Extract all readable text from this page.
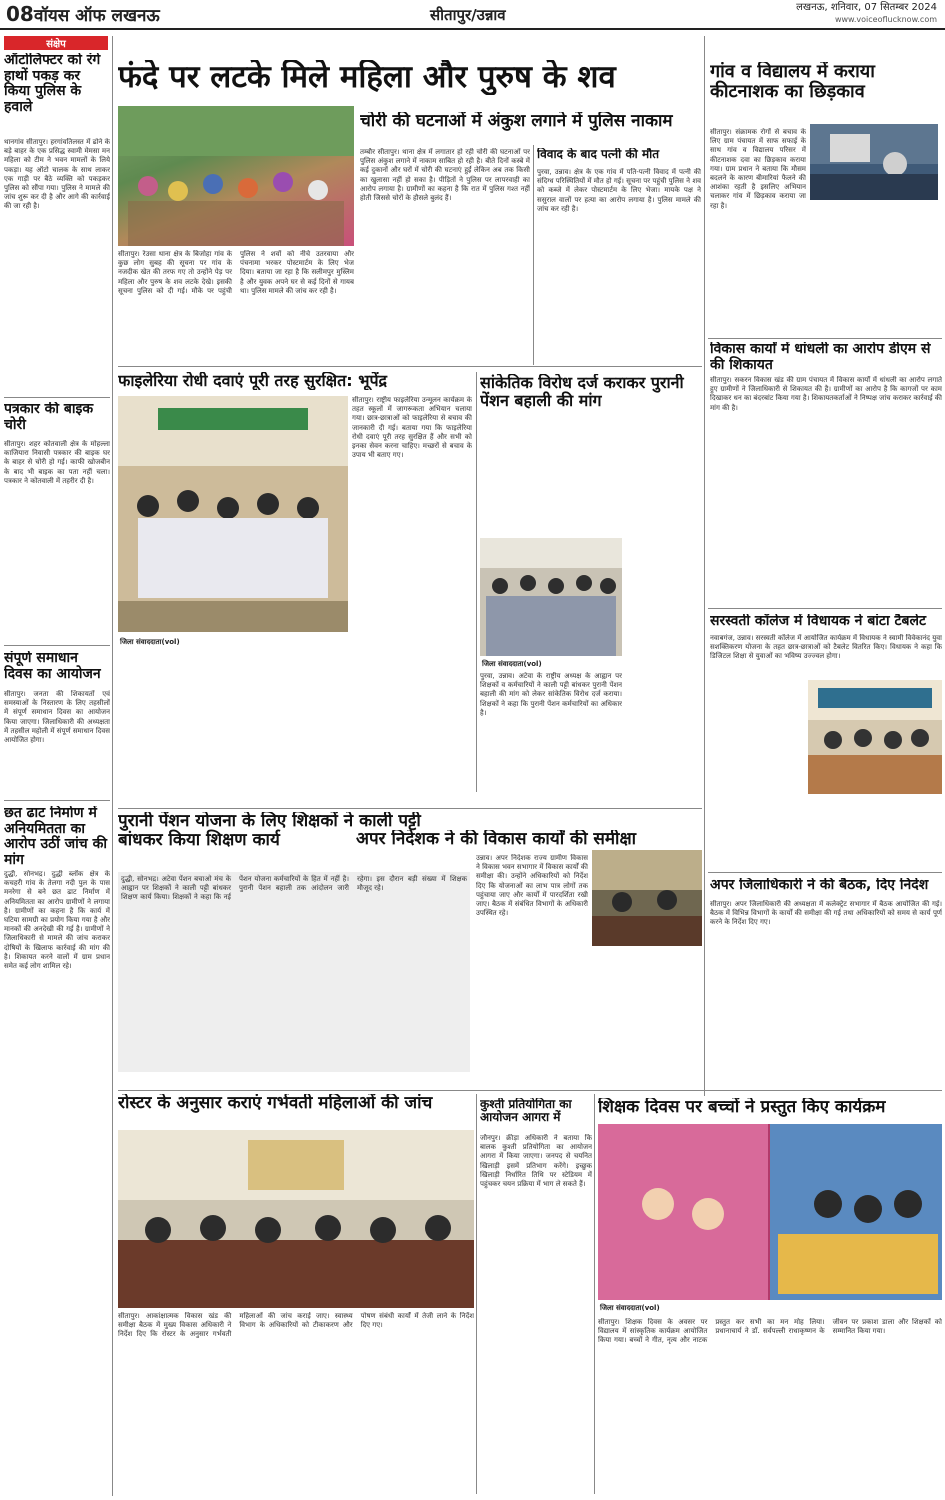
08 वॉयस ऑफ लखनऊ	सीतापुर/उन्नाव	लखनऊ, शनिवार, 07 सितम्बर 2024
www.voiceoflucknow.com
संक्षेप
ऑटोलिफ्टर को रंगे हाथों पकड़ कर किया पुलिस के हवाले
थानगांव सीतापुर। हरगांवतिलस्त में ढोने के बड़े बाहर के एक प्रसिद्ध स्वामी मेमसा मन महिला को टीम ने भवन मामलों के लिये पकड़ा। यह ऑटो चालक के साथ लाकर एक गाड़ी पर बैठे व्यक्ति को पकड़कर पुलिस को सौंपा गया। पुलिस ने मामले की जांच शुरू कर दी है और आगे की कार्रवाई की जा रही है।
पत्रकार की बाइक चोरी
सीतापुर। शहर कोतवाली क्षेत्र के मोहल्ला काजियारा निवासी पत्रकार की बाइक घर के बाहर से चोरी हो गई। काफी खोजबीन के बाद भी बाइक का पता नहीं चला। पत्रकार ने कोतवाली में तहरीर दी है।
संपूर्ण समाधान दिवस का आयोजन
सीतापुर। जनता की शिकायतों एवं समस्याओं के निस्तारण के लिए तहसीलों में संपूर्ण समाधान दिवस का आयोजन किया जाएगा। जिलाधिकारी की अध्यक्षता में तहसील महोली में संपूर्ण समाधान दिवस आयोजित होगा।
छत ढाट निर्माण में अनियमितता का आरोप उठीं जांच की मांग
दुद्धी, सोनभद्र। दुद्धी ब्लॉक क्षेत्र के कचहरी गांव के तेलगा नदी पुल के पास मनरेगा से बने छत ढाट निर्माण में अनियमितता का आरोप ग्रामीणों ने लगाया है। ग्रामीणों का कहना है कि कार्य में घटिया सामग्री का प्रयोग किया गया है और मानकों की अनदेखी की गई है। ग्रामीणों ने जिलाधिकारी से मामले की जांच कराकर दोषियों के खिलाफ कार्रवाई की मांग की है। शिकायत करने वालों में ग्राम प्रधान समेत कई लोग शामिल रहे।
फंदे पर लटके मिले महिला और पुरुष के शव
सीतापुर। रेउसा थाना क्षेत्र के बिजोहा गांव के कुछ लोग सुबह की सूचना पर गांव के नजदीक खेत की तरफ गए तो उन्होंने पेड़ पर महिला और पुरुष के शव लटके देखे। इसकी सूचना पुलिस को दी गई। मौके पर पहुंची पुलिस ने शवों को नीचे उतरवाया और पंचनामा भरकर पोस्टमार्टम के लिए भेज दिया। बताया जा रहा है कि सलीमपुर मुस्लिम है और युवक अपने घर से कई दिनों से गायब था। पुलिस मामले की जांच कर रही है।
चोरी की घटनाओं में अंकुश लगाने में पुलिस नाकाम
तम्बौर सीतापुर। थाना क्षेत्र में लगातार हो रही चोरी की घटनाओं पर पुलिस अंकुश लगाने में नाकाम साबित हो रही है। बीते दिनों कस्बे में कई दुकानों और घरों में चोरी की घटनाएं हुईं लेकिन अब तक किसी का खुलासा नहीं हो सका है। पीड़ितों ने पुलिस पर लापरवाही का आरोप लगाया है। ग्रामीणों का कहना है कि रात में पुलिस गश्त नहीं होती जिससे चोरों के हौसले बुलंद हैं।
विवाद के बाद पत्नी की मौत
पुरवा, उन्नाव। क्षेत्र के एक गांव में पति-पत्नी विवाद में पत्नी की संदिग्ध परिस्थितियों में मौत हो गई। सूचना पर पहुंची पुलिस ने शव को कब्जे में लेकर पोस्टमार्टम के लिए भेजा। मायके पक्ष ने ससुराल वालों पर हत्या का आरोप लगाया है। पुलिस मामले की जांच कर रही है।
गांव व विद्यालय में कराया कीटनाशक का छिड़काव
सीतापुर। संक्रामक रोगों से बचाव के लिए ग्राम पंचायत में साफ सफाई के साथ गांव व विद्यालय परिसर में कीटनाशक दवा का छिड़काव कराया गया। ग्राम प्रधान ने बताया कि मौसम बदलने के कारण बीमारियां फैलने की आशंका रहती है इसलिए अभियान चलाकर गांव में छिड़काव कराया जा रहा है।
विकास कार्यों में धांधली का आरोप डीएम से की शिकायत
सीतापुर। सकरन विकास खंड की ग्राम पंचायत में विकास कार्यों में धांधली का आरोप लगाते हुए ग्रामीणों ने जिलाधिकारी से शिकायत की है। ग्रामीणों का आरोप है कि कागजों पर काम दिखाकर धन का बंदरबांट किया गया है। शिकायतकर्ताओं ने निष्पक्ष जांच कराकर कार्रवाई की मांग की है।
फाइलेरिया रोधी दवाएं पूरी तरह सुरक्षित: भूपेंद्र
जिला संवाददाता(vol)
सीतापुर। राष्ट्रीय फाइलेरिया उन्मूलन कार्यक्रम के तहत स्कूलों में जागरूकता अभियान चलाया गया। छात्र-छात्राओं को फाइलेरिया से बचाव की जानकारी दी गई। बताया गया कि फाइलेरिया रोधी दवाएं पूरी तरह सुरक्षित हैं और सभी को इनका सेवन करना चाहिए। मच्छरों से बचाव के उपाय भी बताए गए।
सांकेतिक विरोध दर्ज कराकर पुरानी पेंशन बहाली की मांग
जिला संवाददाता(vol)
पुरवा, उन्नाव। अटेवा के राष्ट्रीय अध्यक्ष के आह्वान पर शिक्षकों व कर्मचारियों ने काली पट्टी बांधकर पुरानी पेंशन बहाली की मांग को लेकर सांकेतिक विरोध दर्ज कराया। शिक्षकों ने कहा कि पुरानी पेंशन कर्मचारियों का अधिकार है।
सरस्वती कॉलेज में विधायक ने बांटा टैबलेट
नवाबगंज, उन्नाव। सरस्वती कॉलेज में आयोजित कार्यक्रम में विधायक ने स्वामी विवेकानंद युवा सशक्तिकरण योजना के तहत छात्र-छात्राओं को टैबलेट वितरित किए। विधायक ने कहा कि डिजिटल शिक्षा से युवाओं का भविष्य उज्ज्वल होगा।
पुरानी पेंशन योजना के लिए शिक्षकों ने काली पट्टी बांधकर किया शिक्षण कार्य
दुद्धी, सोनभद्र। अटेवा पेंशन बचाओ मंच के आह्वान पर शिक्षकों ने काली पट्टी बांधकर शिक्षण कार्य किया। शिक्षकों ने कहा कि नई पेंशन योजना कर्मचारियों के हित में नहीं है। पुरानी पेंशन बहाली तक आंदोलन जारी रहेगा। इस दौरान बड़ी संख्या में शिक्षक मौजूद रहे।
अपर निदेशक ने की विकास कार्यों की समीक्षा
उन्नाव। अपर निदेशक राज्य ग्रामीण विकास ने विकास भवन सभागार में विकास कार्यों की समीक्षा की। उन्होंने अधिकारियों को निर्देश दिए कि योजनाओं का लाभ पात्र लोगों तक पहुंचाया जाए और कार्यों में पारदर्शिता रखी जाए। बैठक में संबंधित विभागों के अधिकारी उपस्थित रहे।
अपर जिलाधिकारी ने की बैठक, दिए निर्देश
सीतापुर। अपर जिलाधिकारी की अध्यक्षता में कलेक्ट्रेट सभागार में बैठक आयोजित की गई। बैठक में विभिन्न विभागों के कार्यों की समीक्षा की गई तथा अधिकारियों को समय से कार्य पूर्ण करने के निर्देश दिए गए।
रोस्टर के अनुसार कराएं गर्भवती महिलाओं की जांच
सीतापुर। आकांक्षात्मक विकास खंड की समीक्षा बैठक में मुख्य विकास अधिकारी ने निर्देश दिए कि रोस्टर के अनुसार गर्भवती महिलाओं की जांच कराई जाए। स्वास्थ्य विभाग के अधिकारियों को टीकाकरण और पोषण संबंधी कार्यों में तेजी लाने के निर्देश दिए गए।
कुश्ती प्रतियोगिता का आयोजन आगरा में
जौनपुर। क्रीड़ा अधिकारी ने बताया कि बालक कुश्ती प्रतियोगिता का आयोजन आगरा में किया जाएगा। जनपद से चयनित खिलाड़ी इसमें प्रतिभाग करेंगे। इच्छुक खिलाड़ी निर्धारित तिथि पर स्टेडियम में पहुंचकर चयन प्रक्रिया में भाग ले सकते हैं।
शिक्षक दिवस पर बच्चों ने प्रस्तुत किए कार्यक्रम
जिला संवाददाता(vol)
सीतापुर। शिक्षक दिवस के अवसर पर विद्यालय में सांस्कृतिक कार्यक्रम आयोजित किया गया। बच्चों ने गीत, नृत्य और नाटक प्रस्तुत कर सभी का मन मोह लिया। प्रधानाचार्य ने डॉ. सर्वपल्ली राधाकृष्णन के जीवन पर प्रकाश डाला और शिक्षकों को सम्मानित किया गया।
